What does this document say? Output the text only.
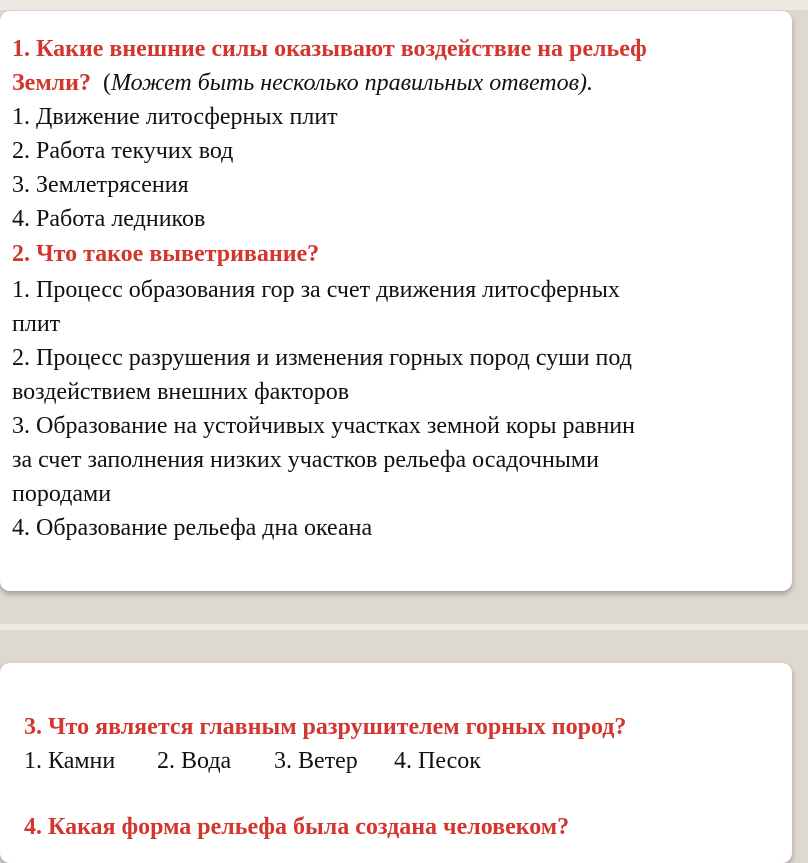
1. Какие внешние силы оказывают воздействие на рельеф
Земли? (Может быть несколько правильных ответов).
1. Движение литосферных плит
2. Работа текучих вод
3. Землетрясения
4. Работа ледников
2. Что такое выветривание?
1. Процесс образования гор за счет движения литосферных
плит
2. Процесс разрушения и изменения горных пород суши под
воздействием внешних факторов
3. Образование на устойчивых участках земной коры равнин
за счет заполнения низких участков рельефа осадочными
породами
4. Образование рельефа дна океана
3. Что является главным разрушителем горных пород?
1. Камни 2. Вода 3. Ветер 4. Песок
4. Какая форма рельефа была создана человеком?
